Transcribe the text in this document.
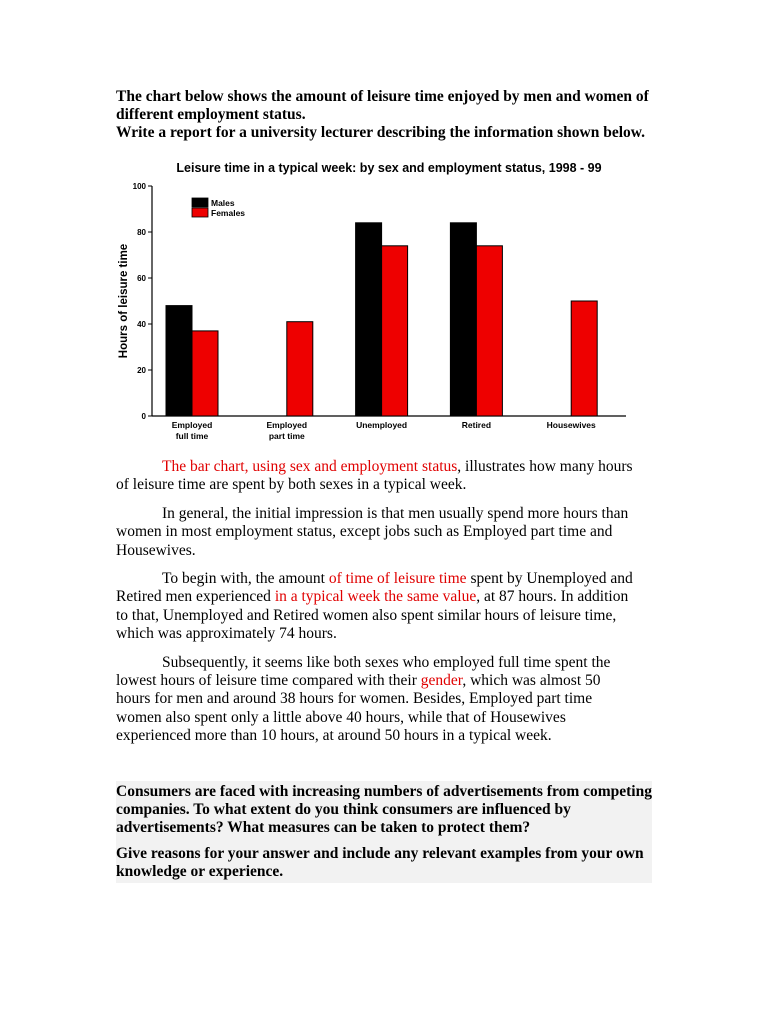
The chart below shows the amount of leisure time enjoyed by men and women of different employment status.

Write a report for a university lecturer describing the information shown below.

Leisure time in a typical week: by sex and employment status, 1998 - 99
Hours of leisure time
0
20
40
60
80
100
Employed
full time
Employed
part time
Unemployed	Retired	Housewives
Males
Females

The bar chart, using sex and employment status, illustrates how many hours of leisure time are spent by both sexes in a typical week.

In general, the initial impression is that men usually spend more hours than women in most employment status, except jobs such as Employed part time and Housewives.

To begin with, the amount of time of leisure time spent by Unemployed and Retired men experienced in a typical week the same value, at 87 hours. In addition to that, Unemployed and Retired women also spent similar hours of leisure time, which was approximately 74 hours.

Subsequently, it seems like both sexes who employed full time spent the lowest hours of leisure time compared with their gender, which was almost 50 hours for men and around 38 hours for women. Besides, Employed part time women also spent only a little above 40 hours, while that of Housewives experienced more than 10 hours, at around 50 hours in a typical week.

Consumers are faced with increasing numbers of advertisements from competing companies. To what extent do you think consumers are influenced by advertisements? What measures can be taken to protect them?

Give reasons for your answer and include any relevant examples from your own knowledge or experience.
